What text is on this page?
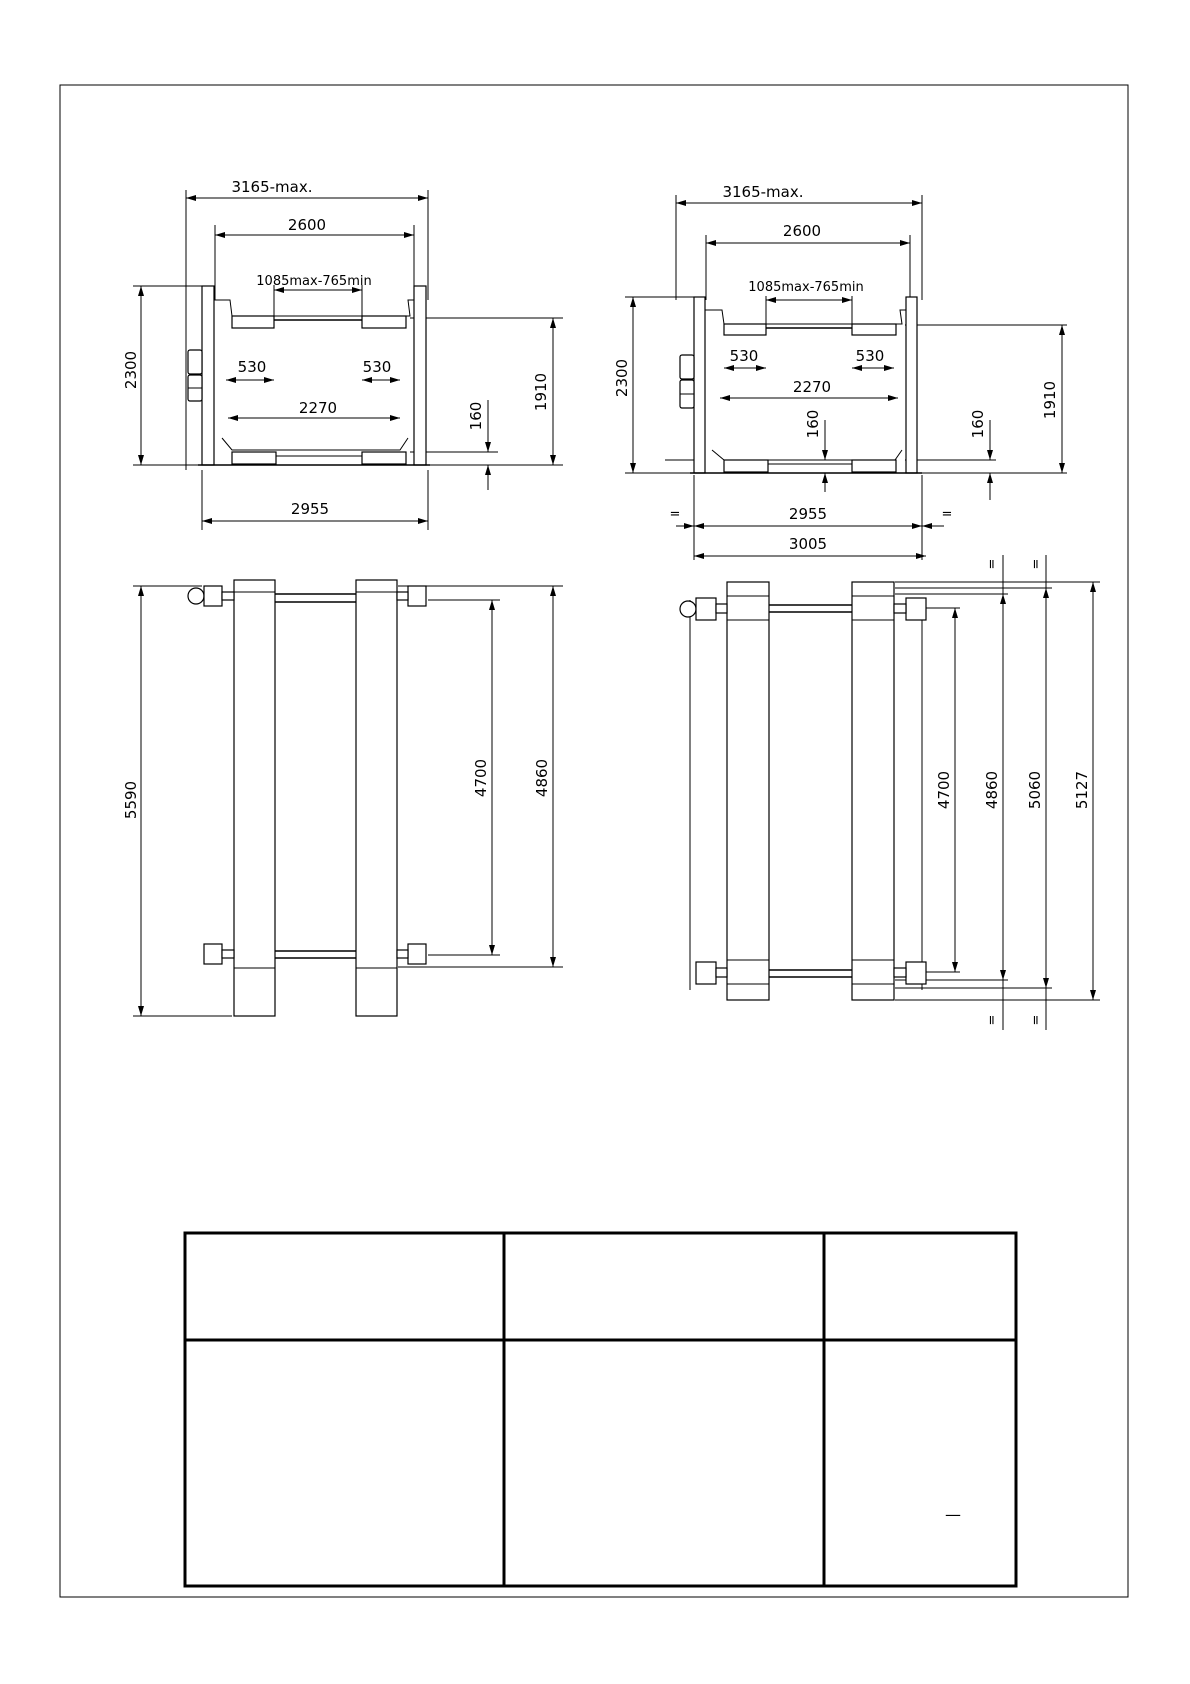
3165-max.
2600
1085max-765min
530	530
2270
2300
1910
160
2955
3165-max.
2600
1085max-765min
530	530
2270
2300
1910
160	160
2955
=	=
3005
5590
4700	4860	4700 4860 5060 5127
= =
= =
—
